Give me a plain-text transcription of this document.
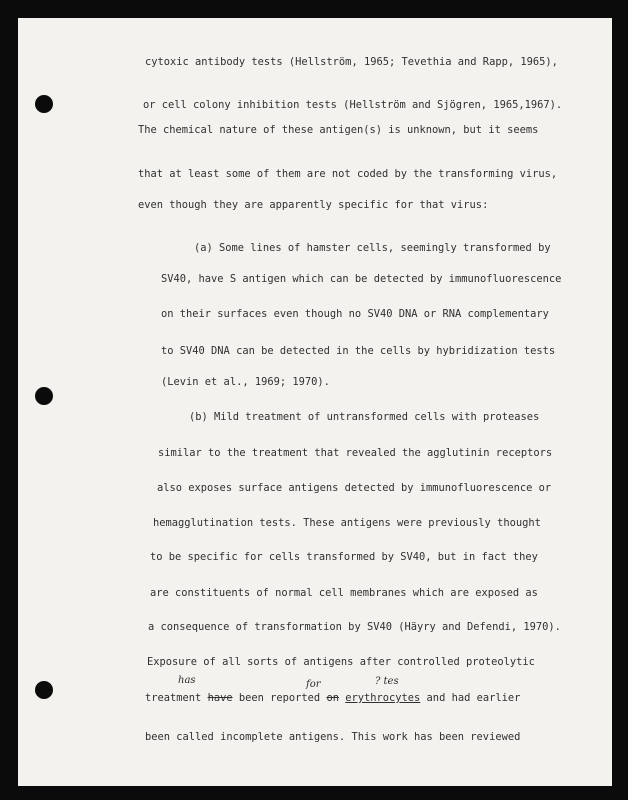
cytoxic antibody tests (Hellström, 1965; Tevethia and Rapp, 1965),

or cell colony inhibition tests (Hellström and Sjögren, 1965,1967).

The chemical nature of these antigen(s) is unknown, but it seems

that at least some of them are not coded by the transforming virus,

even though they are apparently specific for that virus:

(a) Some lines of hamster cells, seemingly transformed by

SV40, have S antigen which can be detected by immunofluorescence

on their surfaces even though no SV40 DNA or RNA complementary

to SV40 DNA can be detected in the cells by hybridization tests

(Levin et al., 1969; 1970).

(b) Mild treatment of untransformed cells with proteases

similar to the treatment that revealed the agglutinin receptors

also exposes surface antigens detected by immunofluorescence or

hemagglutination tests. These antigens were previously thought

to be specific for cells transformed by SV40, but in fact they

are constituents of normal cell membranes which are exposed as

a consequence of transformation by SV40 (Häyry and Defendi, 1970).

Exposure of all sorts of antigens after controlled proteolytic

has	for	? tes

treatment have been reported on erythrocytes and had earlier

been called incomplete antigens. This work has been reviewed
